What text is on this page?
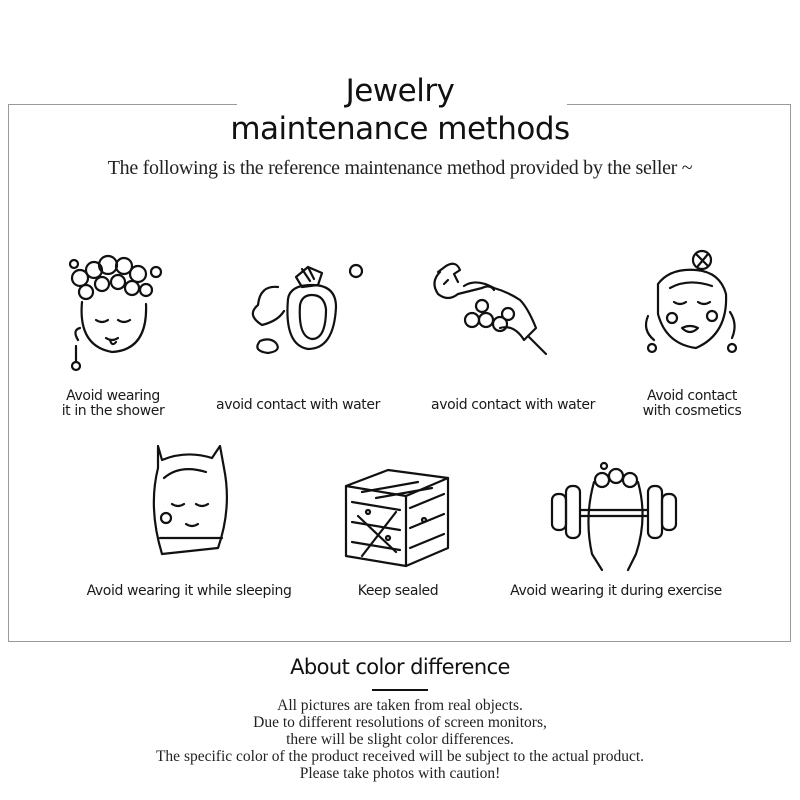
Jewelry
maintenance methods
The following is the reference maintenance method provided by the seller ~
Avoid wearing
it in the shower	avoid contact with water	avoid contact with water
Avoid contact
with cosmetics
Avoid wearing it while sleeping	Keep sealed	Avoid wearing it during exercise
About color difference
All pictures are taken from real objects.
Due to different resolutions of screen monitors,
there will be slight color differences.
The specific color of the product received will be subject to the actual product.
Please take photos with caution!
